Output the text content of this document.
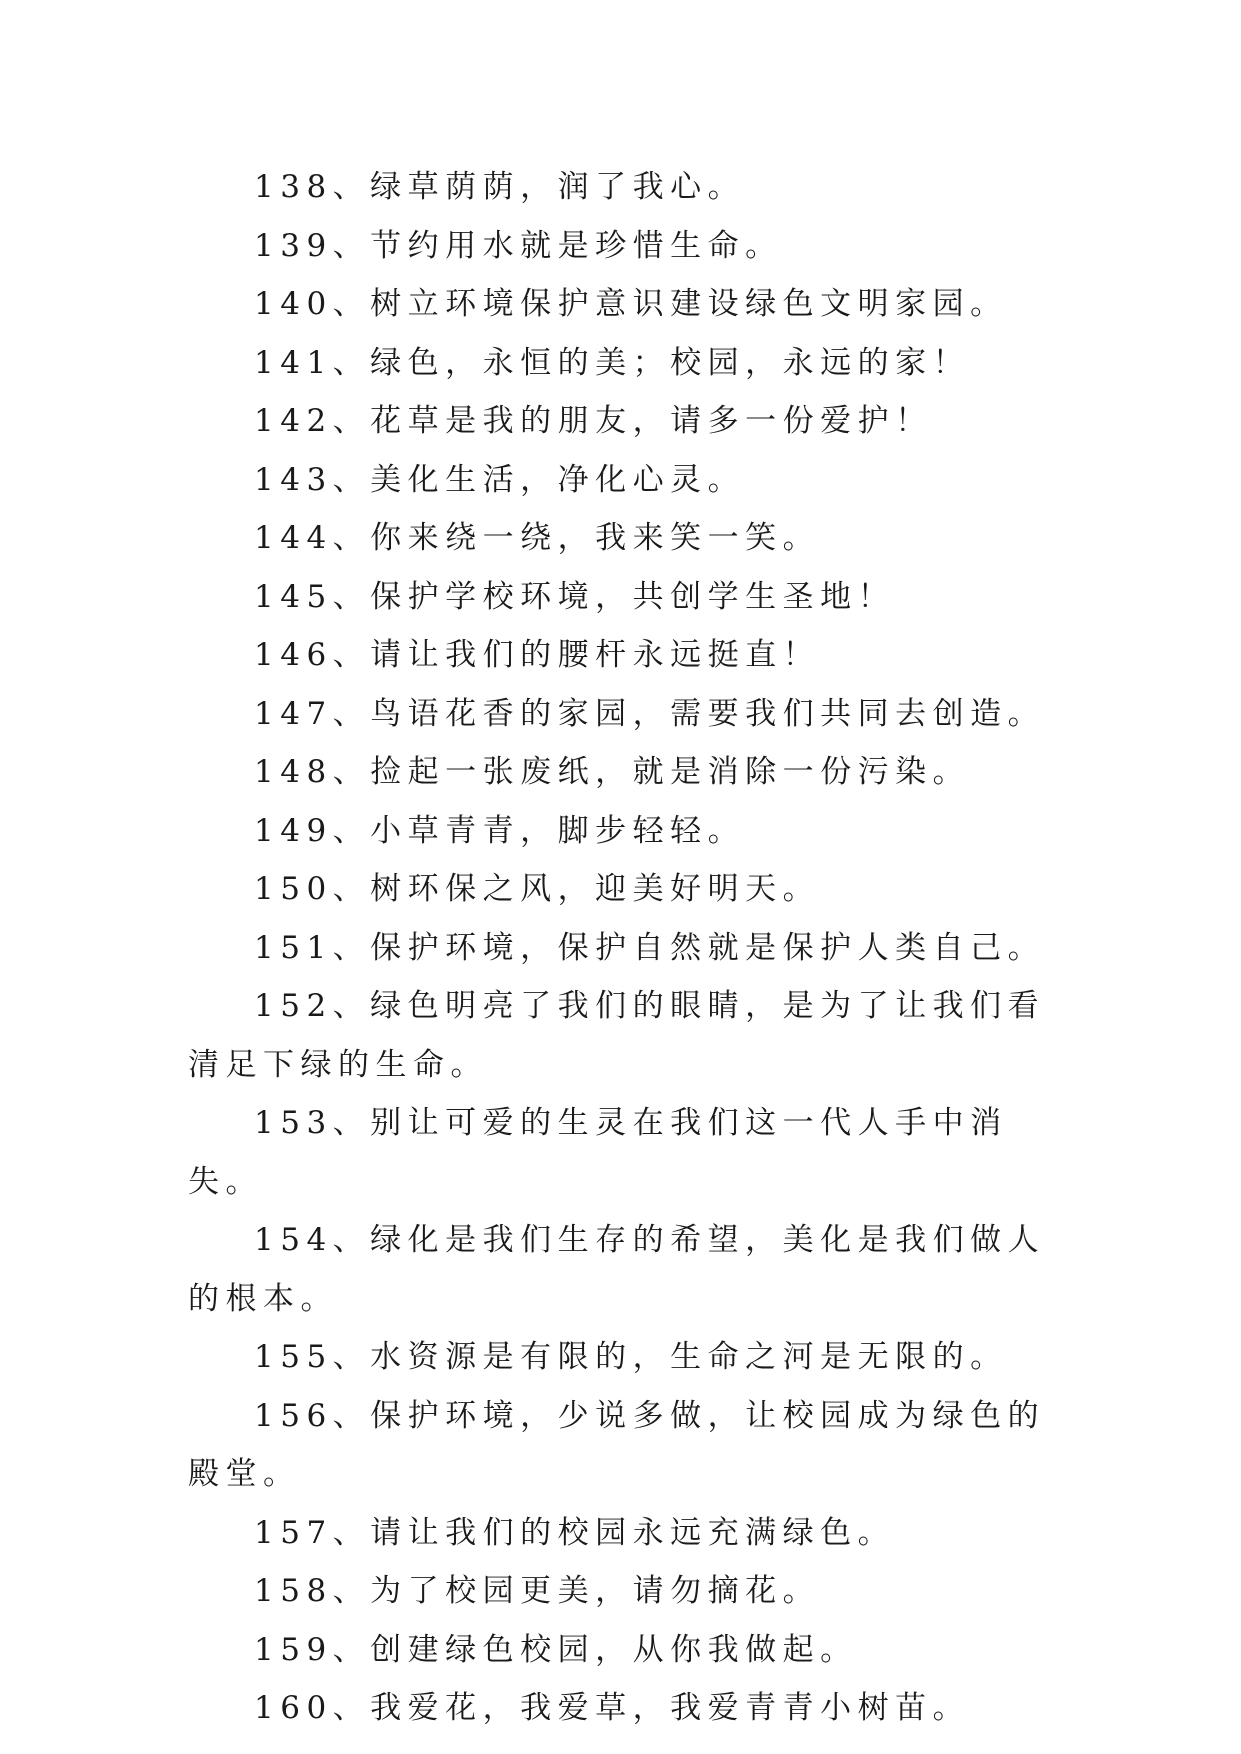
138、绿草荫荫，润了我心。

139、节约用水就是珍惜生命。

140、树立环境保护意识建设绿色文明家园。

141、绿色，永恒的美；校园，永远的家！

142、花草是我的朋友，请多一份爱护！

143、美化生活，净化心灵。

144、你来绕一绕，我来笑一笑。

145、保护学校环境，共创学生圣地！

146、请让我们的腰杆永远挺直！

147、鸟语花香的家园，需要我们共同去创造。

148、捡起一张废纸，就是消除一份污染。

149、小草青青，脚步轻轻。

150、树环保之风，迎美好明天。

151、保护环境，保护自然就是保护人类自己。

152、绿色明亮了我们的眼睛，是为了让我们看清足下绿的生命。

153、别让可爱的生灵在我们这一代人手中消失。

154、绿化是我们生存的希望，美化是我们做人的根本。

155、水资源是有限的，生命之河是无限的。

156、保护环境，少说多做，让校园成为绿色的殿堂。

157、请让我们的校园永远充满绿色。

158、为了校园更美，请勿摘花。

159、创建绿色校园，从你我做起。

160、我爱花，我爱草，我爱青青小树苗。
